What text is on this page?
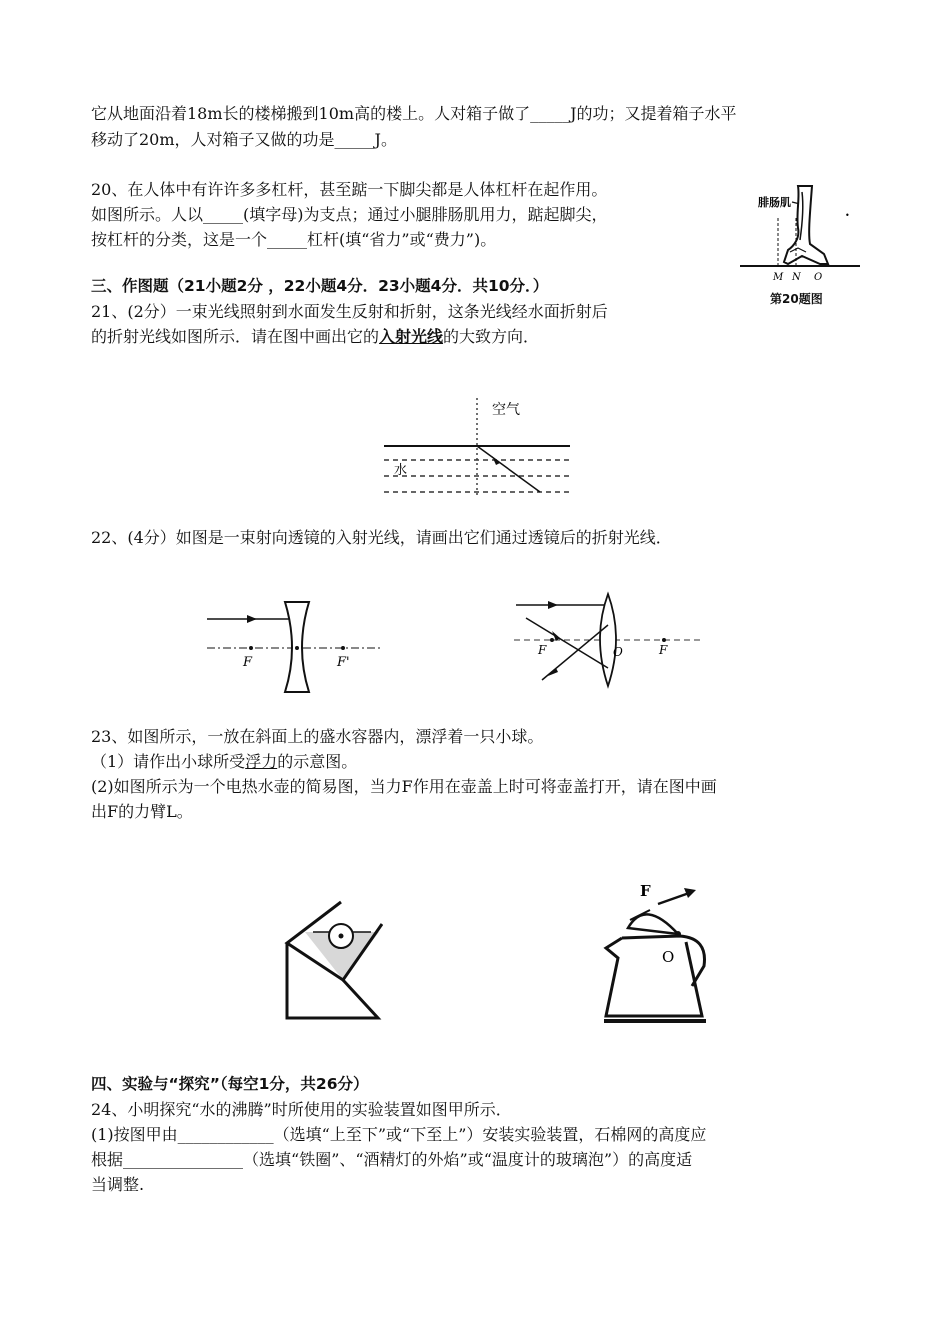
它从地面沿着18m长的楼梯搬到10m高的楼上。人对箱子做了_____J的功；又提着箱子水平
移动了20m，人对箱子又做的功是_____J。
20、在人体中有许许多多杠杆，甚至踮一下脚尖都是人体杠杆在起作用。
如图所示。人以_____(填字母)为支点；通过小腿腓肠肌用力，踮起脚尖，
按杠杆的分类，这是一个_____杠杆(填“省力”或“费力”)。
腓肠肌
M N O
•
第20题图
三、作图题（21小题2分 ，22小题4分．23小题4分．共10分．）
21、(2分）一束光线照射到水面发生反射和折射，这条光线经水面折射后
的折射光线如图所示．请在图中画出它的入射光线的大致方向．
空气
水
22、(4分）如图是一束射向透镜的入射光线，请画出它们通过透镜后的折射光线．
F	F'
F	O	F
23、如图所示，一放在斜面上的盛水容器内，漂浮着一只小球。
（1）请作出小球所受浮力的示意图。
(2)如图所示为一个电热水壶的简易图，当力F作用在壶盖上时可将壶盖打开，请在图中画
出F的力臂L。
F
O
四、实验与“探究”（每空1分，共26分）
24、小明探究“水的沸腾”时所使用的实验装置如图甲所示．
(1)按图甲由____________（选填“上至下”或“下至上”）安装实验装置，石棉网的高度应
根据_______________（选填“铁圈”、“酒精灯的外焰”或“温度计的玻璃泡”）的高度适
当调整.
